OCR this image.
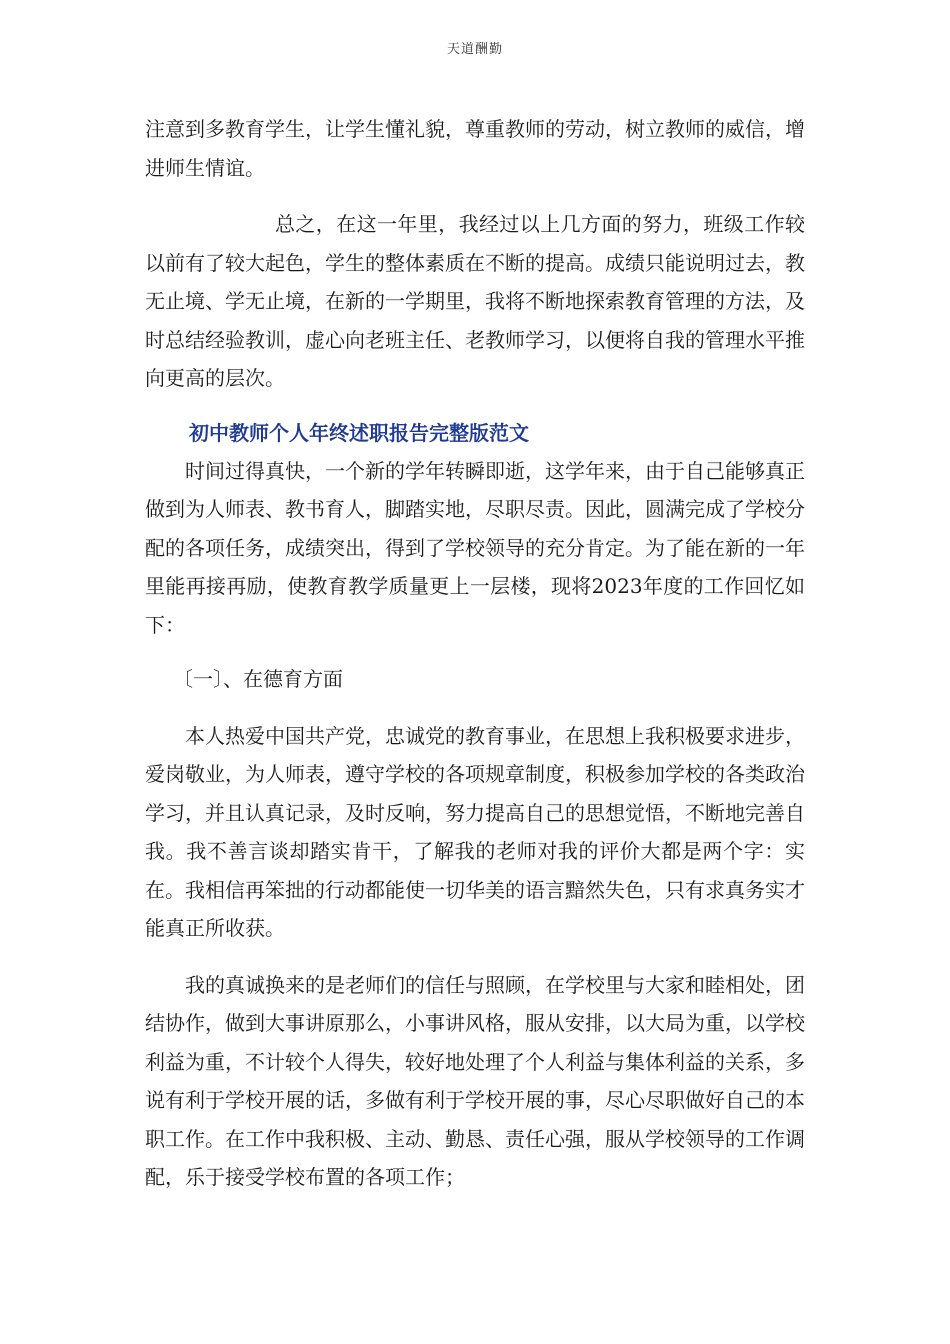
天道酬勤

注意到多教育学生，让学生懂礼貌，尊重教师的劳动，树立教师的威信，增进师生情谊。

总之，在这一年里，我经过以上几方面的努力，班级工作较以前有了较大起色，学生的整体素质在不断的提高。成绩只能说明过去，教无止境、学无止境，在新的一学期里，我将不断地探索教育管理的方法，及时总结经验教训，虚心向老班主任、老教师学习，以便将自我的管理水平推向更高的层次。

初中教师个人年终述职报告完整版范文

时间过得真快，一个新的学年转瞬即逝，这学年来，由于自己能够真正做到为人师表、教书育人，脚踏实地，尽职尽责。因此，圆满完成了学校分配的各项任务，成绩突出，得到了学校领导的充分肯定。为了能在新的一年里能再接再励，使教育教学质量更上一层楼，现将2023年度的工作回忆如下：

〔一〕、在德育方面

本人热爱中国共产党，忠诚党的教育事业，在思想上我积极要求进步，爱岗敬业，为人师表，遵守学校的各项规章制度，积极参加学校的各类政治学习，并且认真记录，及时反响，努力提高自己的思想觉悟，不断地完善自我。我不善言谈却踏实肯干，了解我的老师对我的评价大都是两个字：实在。我相信再笨拙的行动都能使一切华美的语言黯然失色，只有求真务实才能真正所收获。

我的真诚换来的是老师们的信任与照顾，在学校里与大家和睦相处，团结协作，做到大事讲原那么，小事讲风格，服从安排，以大局为重，以学校利益为重，不计较个人得失，较好地处理了个人利益与集体利益的关系，多说有利于学校开展的话，多做有利于学校开展的事，尽心尽职做好自己的本职工作。在工作中我积极、主动、勤恳、责任心强，服从学校领导的工作调配，乐于接受学校布置的各项工作；
